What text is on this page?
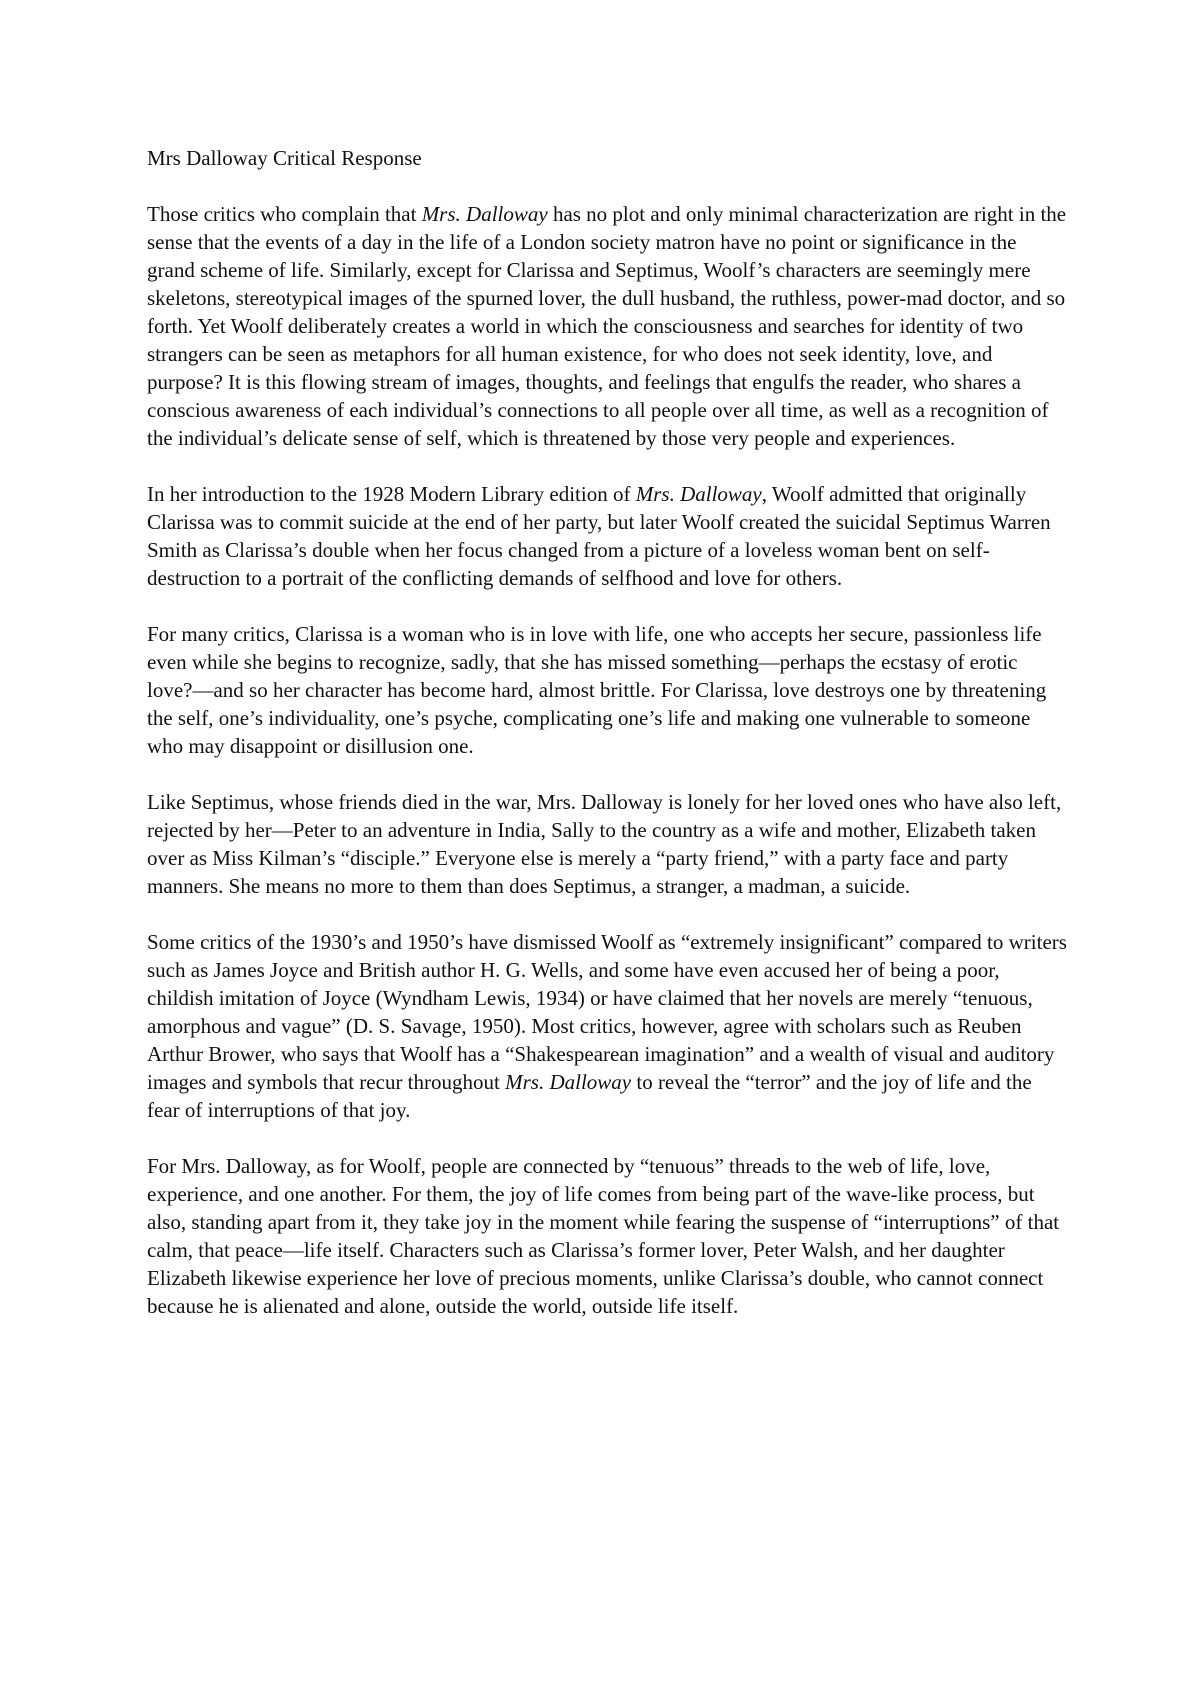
Mrs Dalloway Critical Response

Those critics who complain that Mrs. Dalloway has no plot and only minimal characterization are right in the sense that the events of a day in the life of a London society matron have no point or significance in the grand scheme of life. Similarly, except for Clarissa and Septimus, Woolf’s characters are seemingly mere skeletons, stereotypical images of the spurned lover, the dull husband, the ruthless, power-mad doctor, and so forth. Yet Woolf deliberately creates a world in which the consciousness and searches for identity of two strangers can be seen as metaphors for all human existence, for who does not seek identity, love, and purpose? It is this flowing stream of images, thoughts, and feelings that engulfs the reader, who shares a conscious awareness of each individual’s connections to all people over all time, as well as a recognition of the individual’s delicate sense of self, which is threatened by those very people and experiences.

In her introduction to the 1928 Modern Library edition of Mrs. Dalloway, Woolf admitted that originally Clarissa was to commit suicide at the end of her party, but later Woolf created the suicidal Septimus Warren Smith as Clarissa’s double when her focus changed from a picture of a loveless woman bent on self-destruction to a portrait of the conflicting demands of selfhood and love for others.

For many critics, Clarissa is a woman who is in love with life, one who accepts her secure, passionless life even while she begins to recognize, sadly, that she has missed something—perhaps the ecstasy of erotic love?—and so her character has become hard, almost brittle. For Clarissa, love destroys one by threatening the self, one’s individuality, one’s psyche, complicating one’s life and making one vulnerable to someone who may disappoint or disillusion one.

Like Septimus, whose friends died in the war, Mrs. Dalloway is lonely for her loved ones who have also left, rejected by her—Peter to an adventure in India, Sally to the country as a wife and mother, Elizabeth taken over as Miss Kilman’s “disciple.” Everyone else is merely a “party friend,” with a party face and party manners. She means no more to them than does Septimus, a stranger, a madman, a suicide.

Some critics of the 1930’s and 1950’s have dismissed Woolf as “extremely insignificant” compared to writers such as James Joyce and British author H. G. Wells, and some have even accused her of being a poor, childish imitation of Joyce (Wyndham Lewis, 1934) or have claimed that her novels are merely “tenuous, amorphous and vague” (D. S. Savage, 1950). Most critics, however, agree with scholars such as Reuben Arthur Brower, who says that Woolf has a “Shakespearean imagination” and a wealth of visual and auditory images and symbols that recur throughout Mrs. Dalloway to reveal the “terror” and the joy of life and the fear of interruptions of that joy.

For Mrs. Dalloway, as for Woolf, people are connected by “tenuous” threads to the web of life, love, experience, and one another. For them, the joy of life comes from being part of the wave-like process, but also, standing apart from it, they take joy in the moment while fearing the suspense of “interruptions” of that calm, that peace—life itself. Characters such as Clarissa’s former lover, Peter Walsh, and her daughter Elizabeth likewise experience her love of precious moments, unlike Clarissa’s double, who cannot connect because he is alienated and alone, outside the world, outside life itself.
